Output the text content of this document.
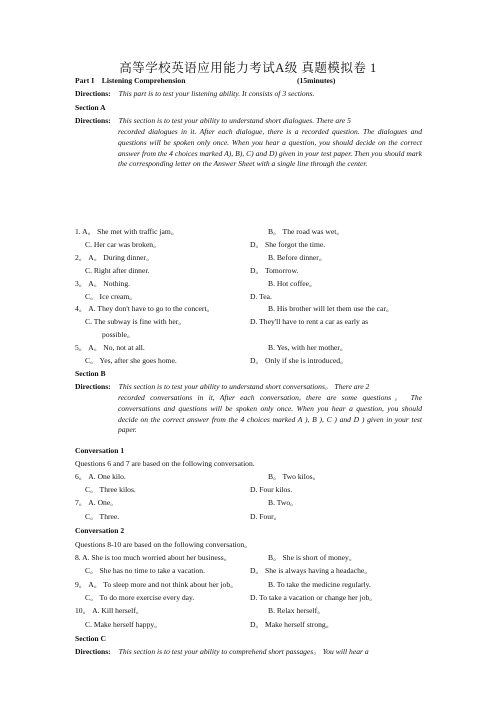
高等学校英语应用能力考试A级 真题模拟卷 1
Part I Listening Comprehension	(15minutes)
Directions: This part is to test your listening ability. It consists of 3 sections.
Section A
Directions: This section is to test your ability to understand short dialogues. There are 5
recorded dialogues in it. After each dialogue, there is a recorded question. The dialogues and questions will be spoken only once. When you hear a question, you should decide on the correct answer from the 4 choices marked A), B), C) and D) given in your test paper. Then you should mark the corresponding letter on the Answer Sheet with a single line through the center.
1. A。 She met with traffic jam。	B。 The road was wet。
C. Her car was broken。	D。 She forgot the time.
2。 A。 During dinner。	B. Before dinner。
C. Right after dinner.	D。 Tomorrow.
3。 A。 Nothing.	B. Hot coffee。
C。 Ice cream。	D. Tea.
4。 A. They don't have to go to the concert。	B. His brother will let them use the car。
C. The subway is fine with her。	D. They'll have to rent a car as early as
possible。
5。 A。 No, not at all.	B. Yes, with her mother。
C。 Yes, after she goes home.	D。 Only if she is introduced。
Section B
Directions: This section is to test your ability to understand short conversations。 There are 2
recorded conversations in it, After each conversation, there are some questions。 The conversations and questions will be spoken only once. When you hear a question, you should decide on the correct answer from the 4 choices marked A ), B ), C ) and D ) given in your test paper.
Conversation 1
Questions 6 and 7 are based on the following conversation.
6。 A. One kilo.	B。 Two kilos。
C。 Three kilos.	D. Four kilos.
7。 A. One。	B. Two。
C。 Three.	D. Four。
Conversation 2
Questions 8-10 are based on the following conversation。
8. A. She is too much worried about her business。	B。 She is short of money。
C。 She has no time to take a vacation.	D。 She is always having a headache。
9。 A。 To sleep more and not think about her job。	B. To take the medicine regularly.
C。 To do more exercise every day.	D. To take a vacation or change her job。
10。 A. Kill herself。	B. Relax herself。
C. Make herself happy。	D。 Make herself strong。
Section C
Directions: This section is to test your ability to comprehend short passages。 You will hear a
